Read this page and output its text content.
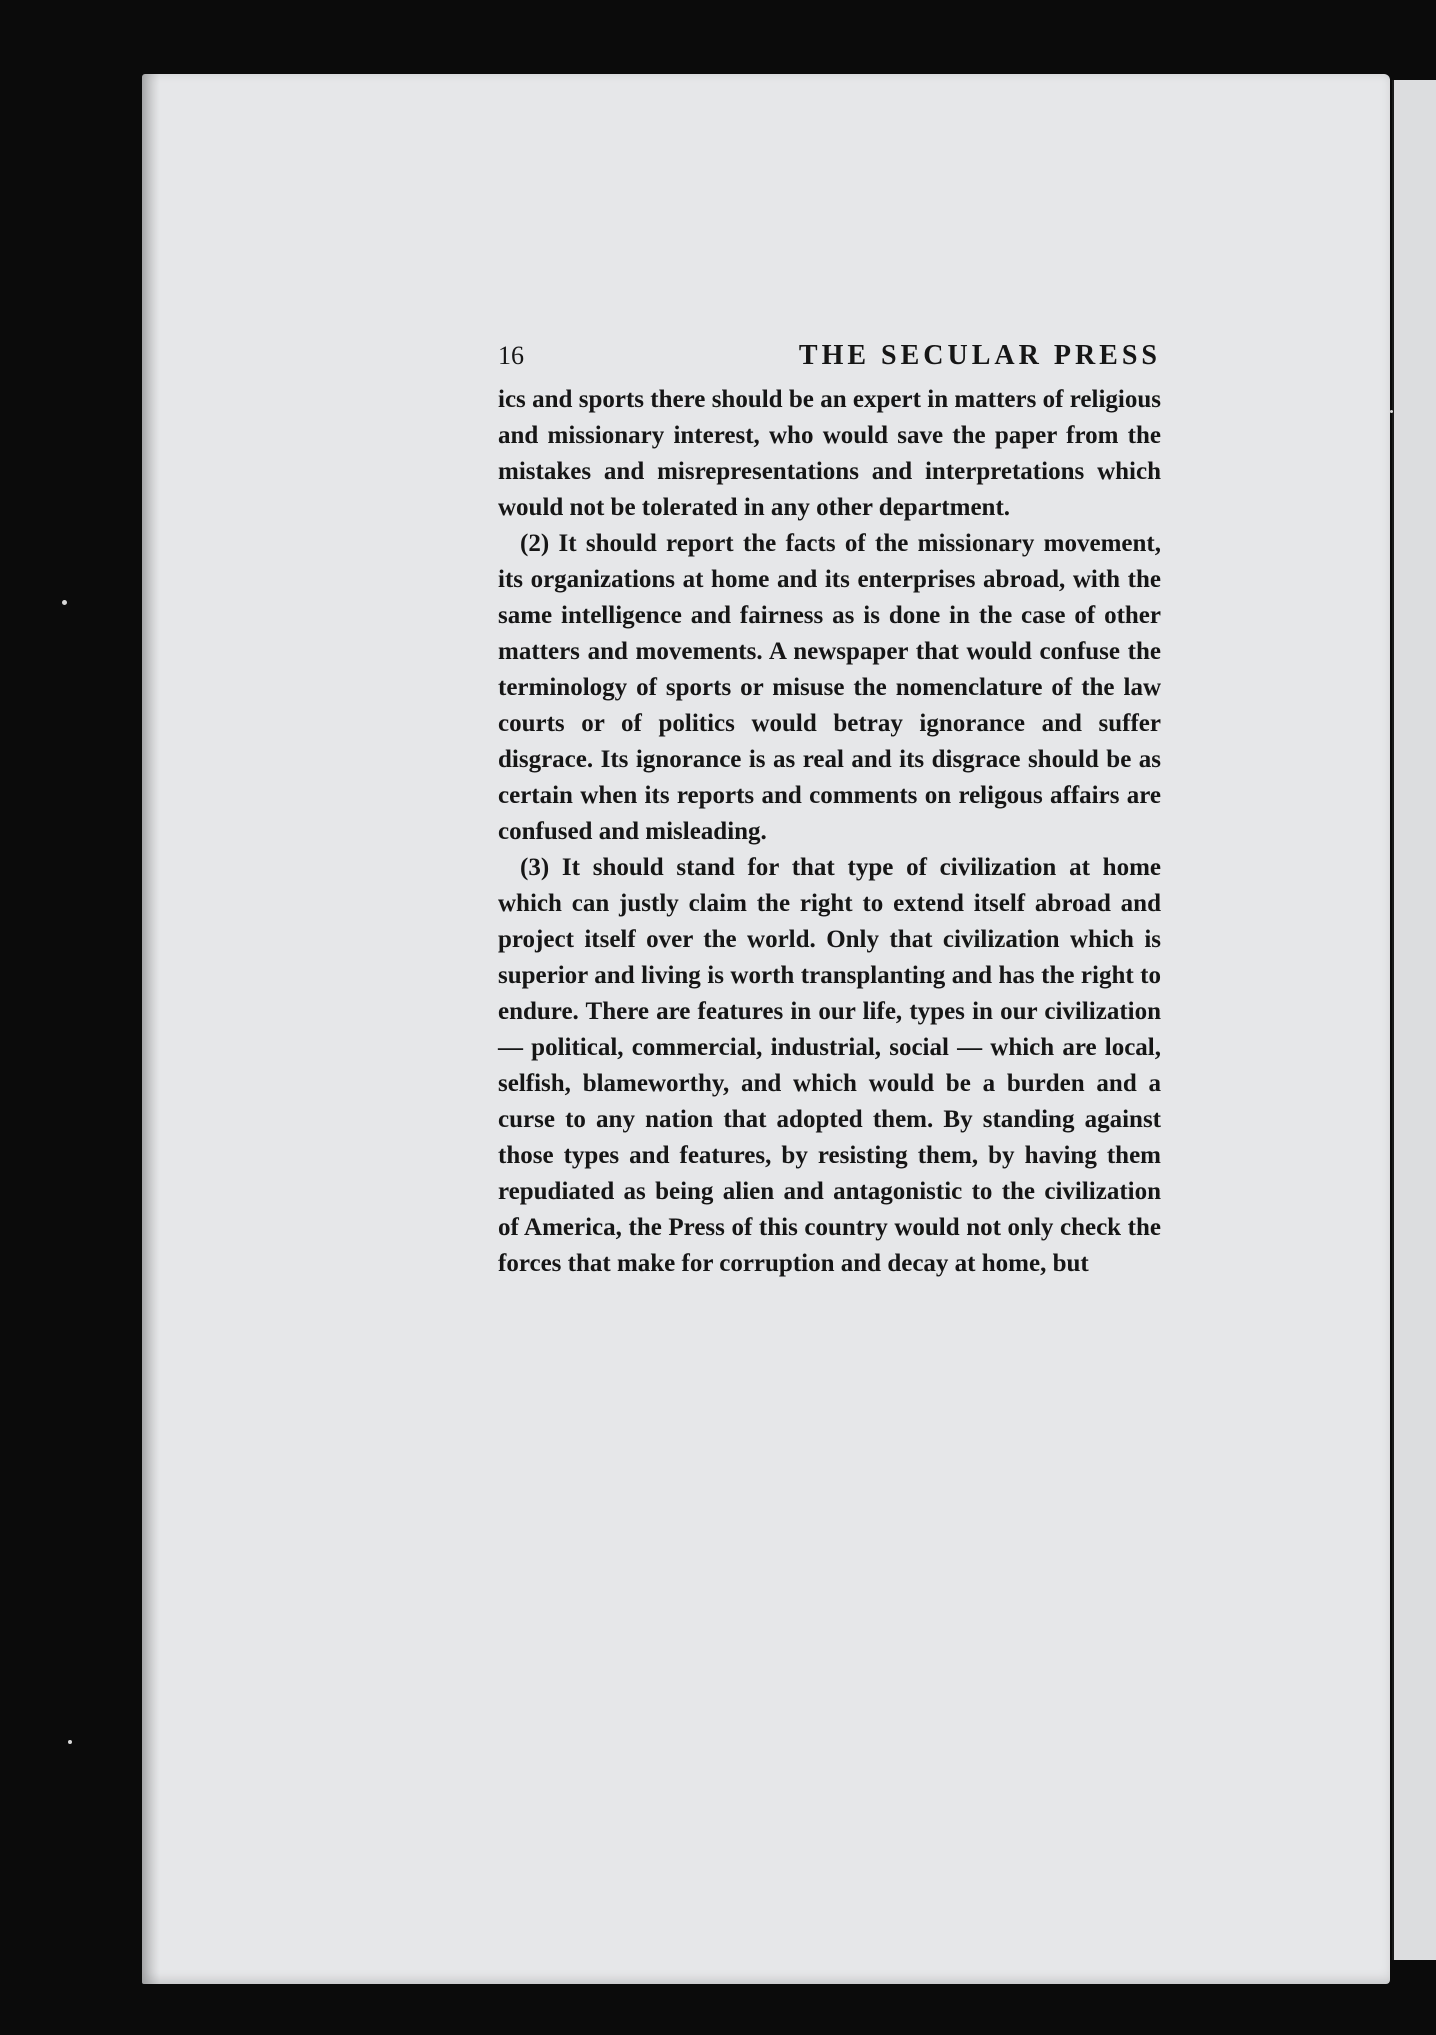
16	THE SECULAR PRESS

ics and sports there should be an expert in matters of religious and missionary interest, who would save the paper from the mistakes and misrepresentations and interpretations which would not be tolerated in any other department.

(2) It should report the facts of the missionary movement, its organizations at home and its enterprises abroad, with the same intelligence and fairness as is done in the case of other matters and movements. A newspaper that would confuse the terminology of sports or misuse the nomenclature of the law courts or of politics would betray ignorance and suffer disgrace. Its ignorance is as real and its disgrace should be as certain when its reports and comments on religous affairs are confused and misleading.

(3) It should stand for that type of civilization at home which can justly claim the right to extend itself abroad and project itself over the world. Only that civilization which is superior and living is worth transplanting and has the right to endure. There are features in our life, types in our civilization — political, commercial, industrial, social — which are local, selfish, blameworthy, and which would be a burden and a curse to any nation that adopted them. By standing against those types and features, by resisting them, by having them repudiated as being alien and antagonistic to the civilization of America, the Press of this country would not only check the forces that make for corruption and decay at home, but
